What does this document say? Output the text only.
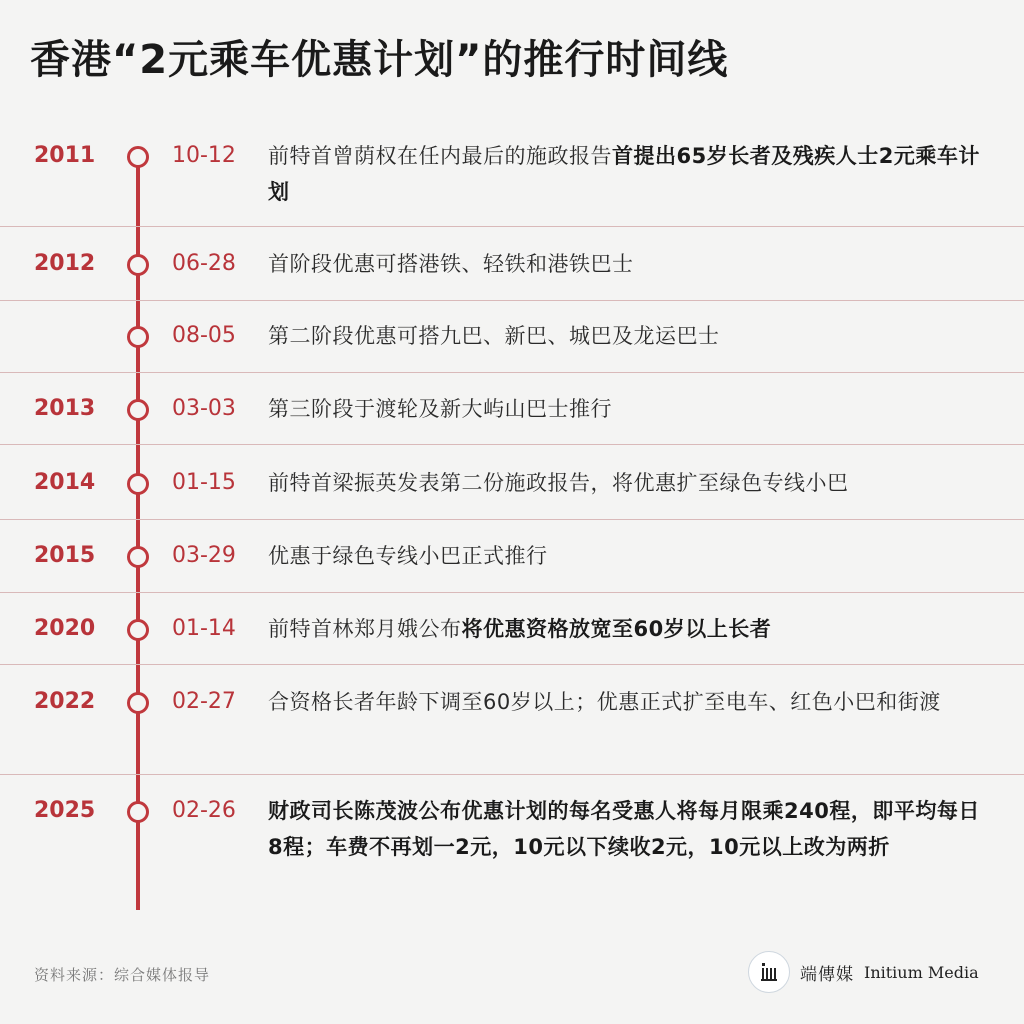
香港“2元乘车优惠计划”的推行时间线
2011	10-12 前特首曾荫权在任内最后的施政报告首提出65岁长者及残疾人士2元乘车计划
2012	06-28 首阶段优惠可搭港铁、轻铁和港铁巴士
08-05 第二阶段优惠可搭九巴、新巴、城巴及龙运巴士
2013	03-03 第三阶段于渡轮及新大屿山巴士推行
2014	01-15 前特首梁振英发表第二份施政报告，将优惠扩至绿色专线小巴
2015	03-29 优惠于绿色专线小巴正式推行
2020	01-14 前特首林郑月娥公布将优惠资格放宽至60岁以上长者
2022	02-27 合资格长者年龄下调至60岁以上；优惠正式扩至电车、红色小巴和街渡
2025	02-26 财政司长陈茂波公布优惠计划的每名受惠人将每月限乘240程，即平均每日8程；车费不再划一2元，10元以下续收2元，10元以上改为两折
资料来源：综合媒体报导	端傳媒 Initium Media
